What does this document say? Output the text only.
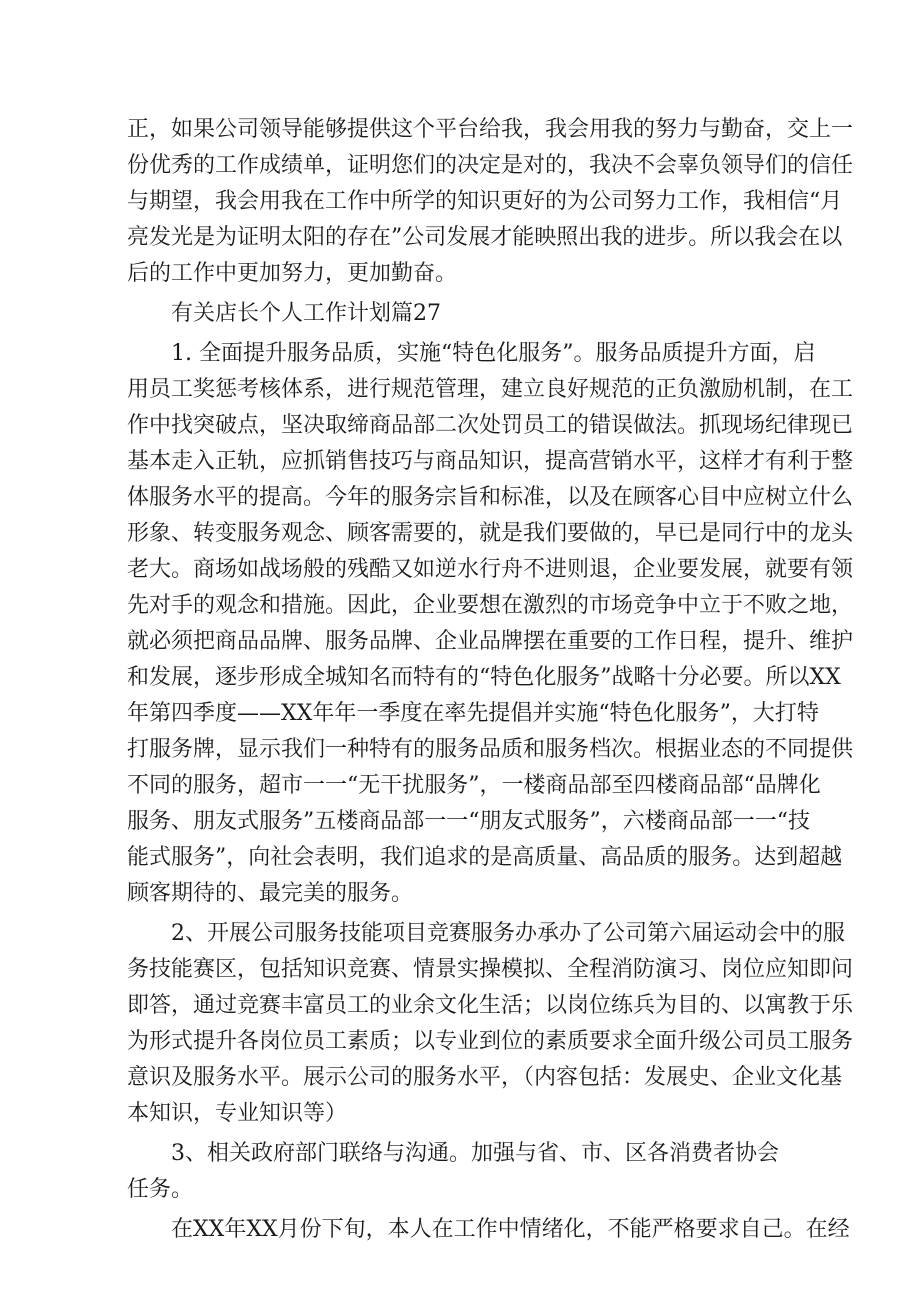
正，如果公司领导能够提供这个平台给我，我会用我的努力与勤奋，交上一

份优秀的工作成绩单，证明您们的决定是对的，我决不会辜负领导们的信任

与期望，我会用我在工作中所学的知识更好的为公司努力工作，我相信“月

亮发光是为证明太阳的存在”公司发展才能映照出我的进步。所以我会在以

后的工作中更加努力，更加勤奋。

有关店长个人工作计划篇27

1. 全面提升服务品质，实施“特色化服务”。服务品质提升方面，启

用员工奖惩考核体系，进行规范管理，建立良好规范的正负激励机制，在工

作中找突破点，坚决取缔商品部二次处罚员工的错误做法。抓现场纪律现已

基本走入正轨，应抓销售技巧与商品知识，提高营销水平，这样才有利于整

体服务水平的提高。今年的服务宗旨和标准，以及在顾客心目中应树立什么

形象、转变服务观念、顾客需要的，就是我们要做的，早已是同行中的龙头

老大。商场如战场般的残酷又如逆水行舟不进则退，企业要发展，就要有领

先对手的观念和措施。因此，企业要想在激烈的市场竞争中立于不败之地，

就必须把商品品牌、服务品牌、企业品牌摆在重要的工作日程，提升、维护

和发展，逐步形成全城知名而特有的“特色化服务”战略十分必要。所以XX

年第四季度——XX年年一季度在率先提倡并实施“特色化服务”，大打特

打服务牌，显示我们一种特有的服务品质和服务档次。根据业态的不同提供

不同的服务，超市一一“无干扰服务”，一楼商品部至四楼商品部“品牌化

服务、朋友式服务”五楼商品部一一“朋友式服务”，六楼商品部一一“技

能式服务”，向社会表明，我们追求的是高质量、高品质的服务。达到超越

顾客期待的、最完美的服务。

2、开展公司服务技能项目竞赛服务办承办了公司第六届运动会中的服

务技能赛区，包括知识竞赛、情景实操模拟、全程消防演习、岗位应知即问

即答，通过竞赛丰富员工的业余文化生活；以岗位练兵为目的、以寓教于乐

为形式提升各岗位员工素质；以专业到位的素质要求全面升级公司员工服务

意识及服务水平。展示公司的服务水平，（内容包括：发展史、企业文化基

本知识，专业知识等）

3、相关政府部门联络与沟通。加强与省、市、区各消费者协会

任务。

在XX年XX月份下旬，本人在工作中情绪化，不能严格要求自己。在经
